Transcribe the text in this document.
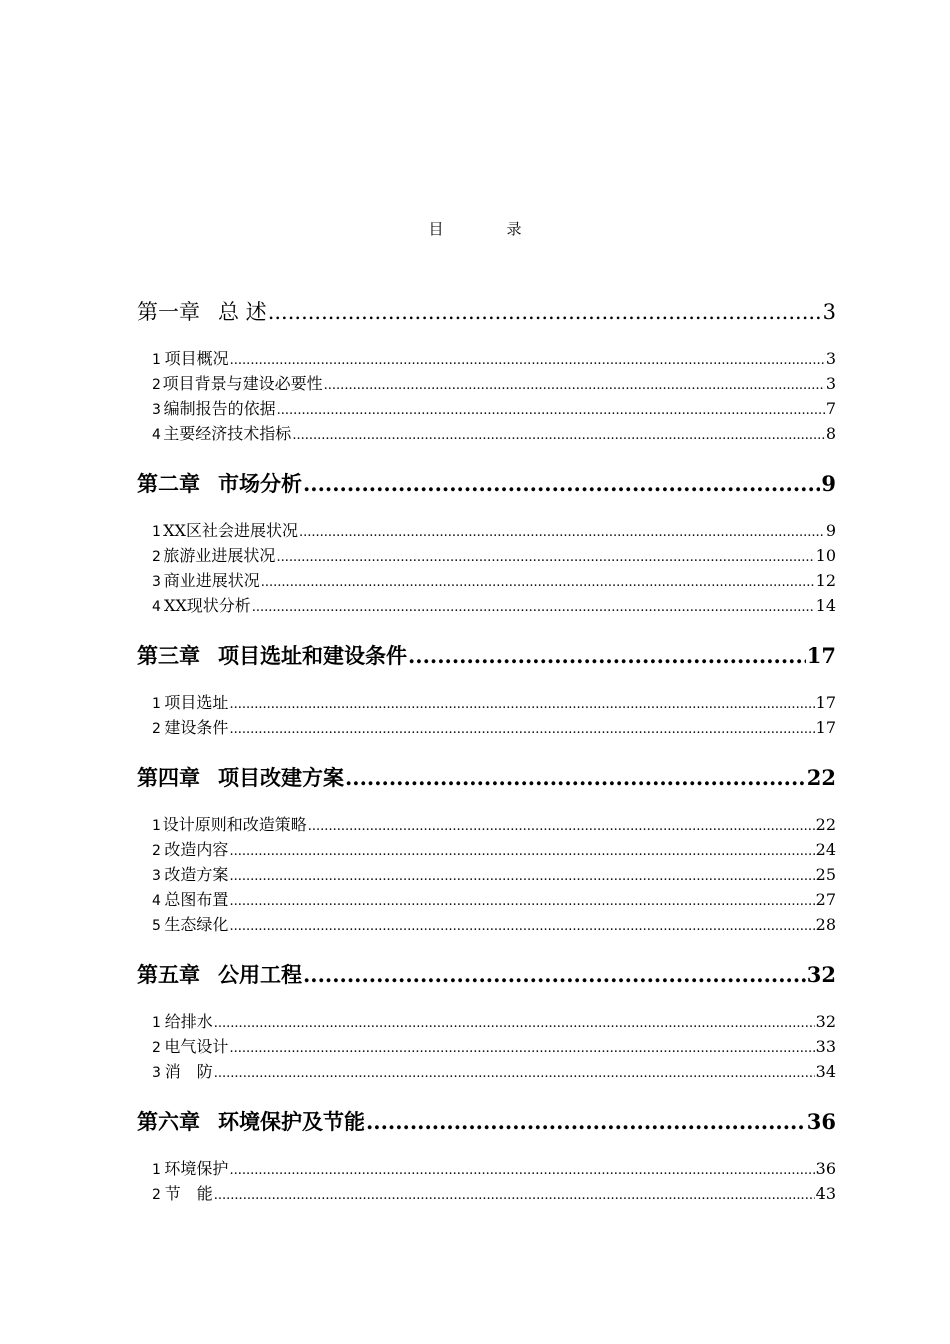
目　录
第一章 总 述 .....	3
1 项目概况 .....	3
2 项目背景与建设必要性 .....	3
3 编制报告的依据 .....	7
4 主要经济技术指标 .....	8
第二章 市场分析 .....	9
1 XX区社会进展状况 .....	9
2 旅游业进展状况 .....	10
3 商业进展状况 .....	12
4 XX现状分析 .....	14
第三章 项目选址和建设条件 .....	17
1 项目选址 .....	17
2 建设条件 .....	17
第四章 项目改建方案 .....	22
1 设计原则和改造策略 .....	22
2 改造内容 .....	24
3 改造方案 .....	25
4 总图布置 .....	27
5 生态绿化 .....	28
第五章 公用工程 .....	32
1 给排水 .....	32
2 电气设计 .....	33
3 消　防 .....	34
第六章 环境保护及节能 .....	36
1 环境保护 .....	36
2 节　能 .....	43
